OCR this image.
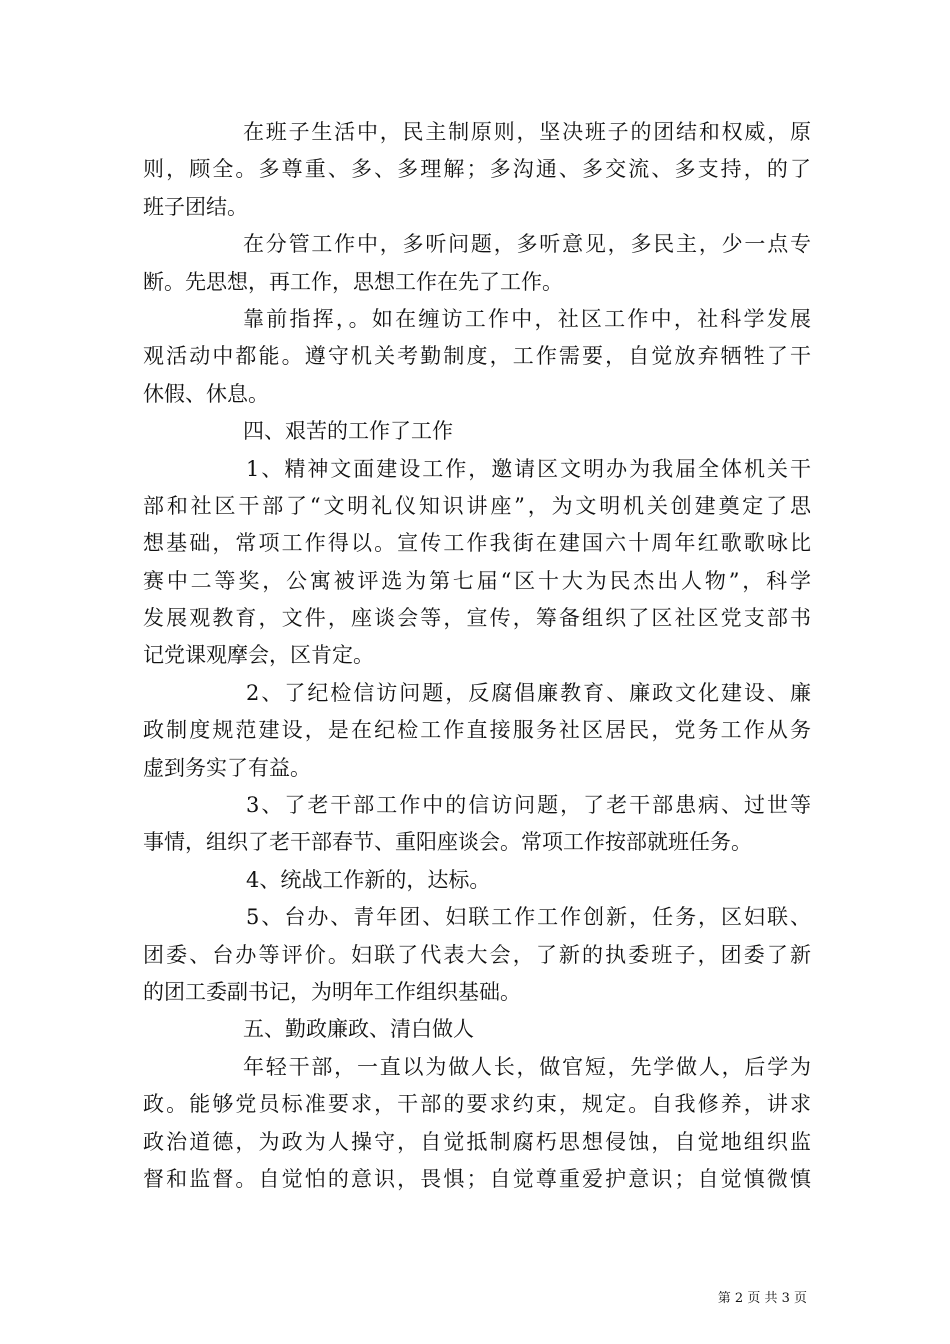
在班子生活中，民主制原则，坚决班子的团结和权威，原
则，顾全。多尊重、多、多理解；多沟通、多交流、多支持，的了
班子团结。
在分管工作中，多听问题，多听意见，多民主，少一点专
断。先思想，再工作，思想工作在先了工作。
靠前指挥，。如在缠访工作中，社区工作中，社科学发展
观活动中都能。遵守机关考勤制度，工作需要，自觉放弃牺牲了干
休假、休息。
四、艰苦的工作了工作
1、精神文面建设工作，邀请区文明办为我届全体机关干
部和社区干部了“文明礼仪知识讲座”，为文明机关创建奠定了思
想基础，常项工作得以。宣传工作我街在建国六十周年红歌歌咏比
赛中二等奖，公寓被评选为第七届“区十大为民杰出人物”，科学
发展观教育，文件，座谈会等，宣传，筹备组织了区社区党支部书
记党课观摩会，区肯定。
2、了纪检信访问题，反腐倡廉教育、廉政文化建设、廉
政制度规范建设，是在纪检工作直接服务社区居民，党务工作从务
虚到务实了有益。
3、了老干部工作中的信访问题，了老干部患病、过世等
事情，组织了老干部春节、重阳座谈会。常项工作按部就班任务。
4、统战工作新的，达标。
5、台办、青年团、妇联工作工作创新，任务，区妇联、
团委、台办等评价。妇联了代表大会，了新的执委班子，团委了新
的团工委副书记，为明年工作组织基础。
五、勤政廉政、清白做人
年轻干部，一直以为做人长，做官短，先学做人，后学为
政。能够党员标准要求，干部的要求约束，规定。自我修养，讲求
政治道德，为政为人操守，自觉抵制腐朽思想侵蚀，自觉地组织监
督和监督。自觉怕的意识，畏惧；自觉尊重爱护意识；自觉慎微慎
第 2 页 共 3 页
